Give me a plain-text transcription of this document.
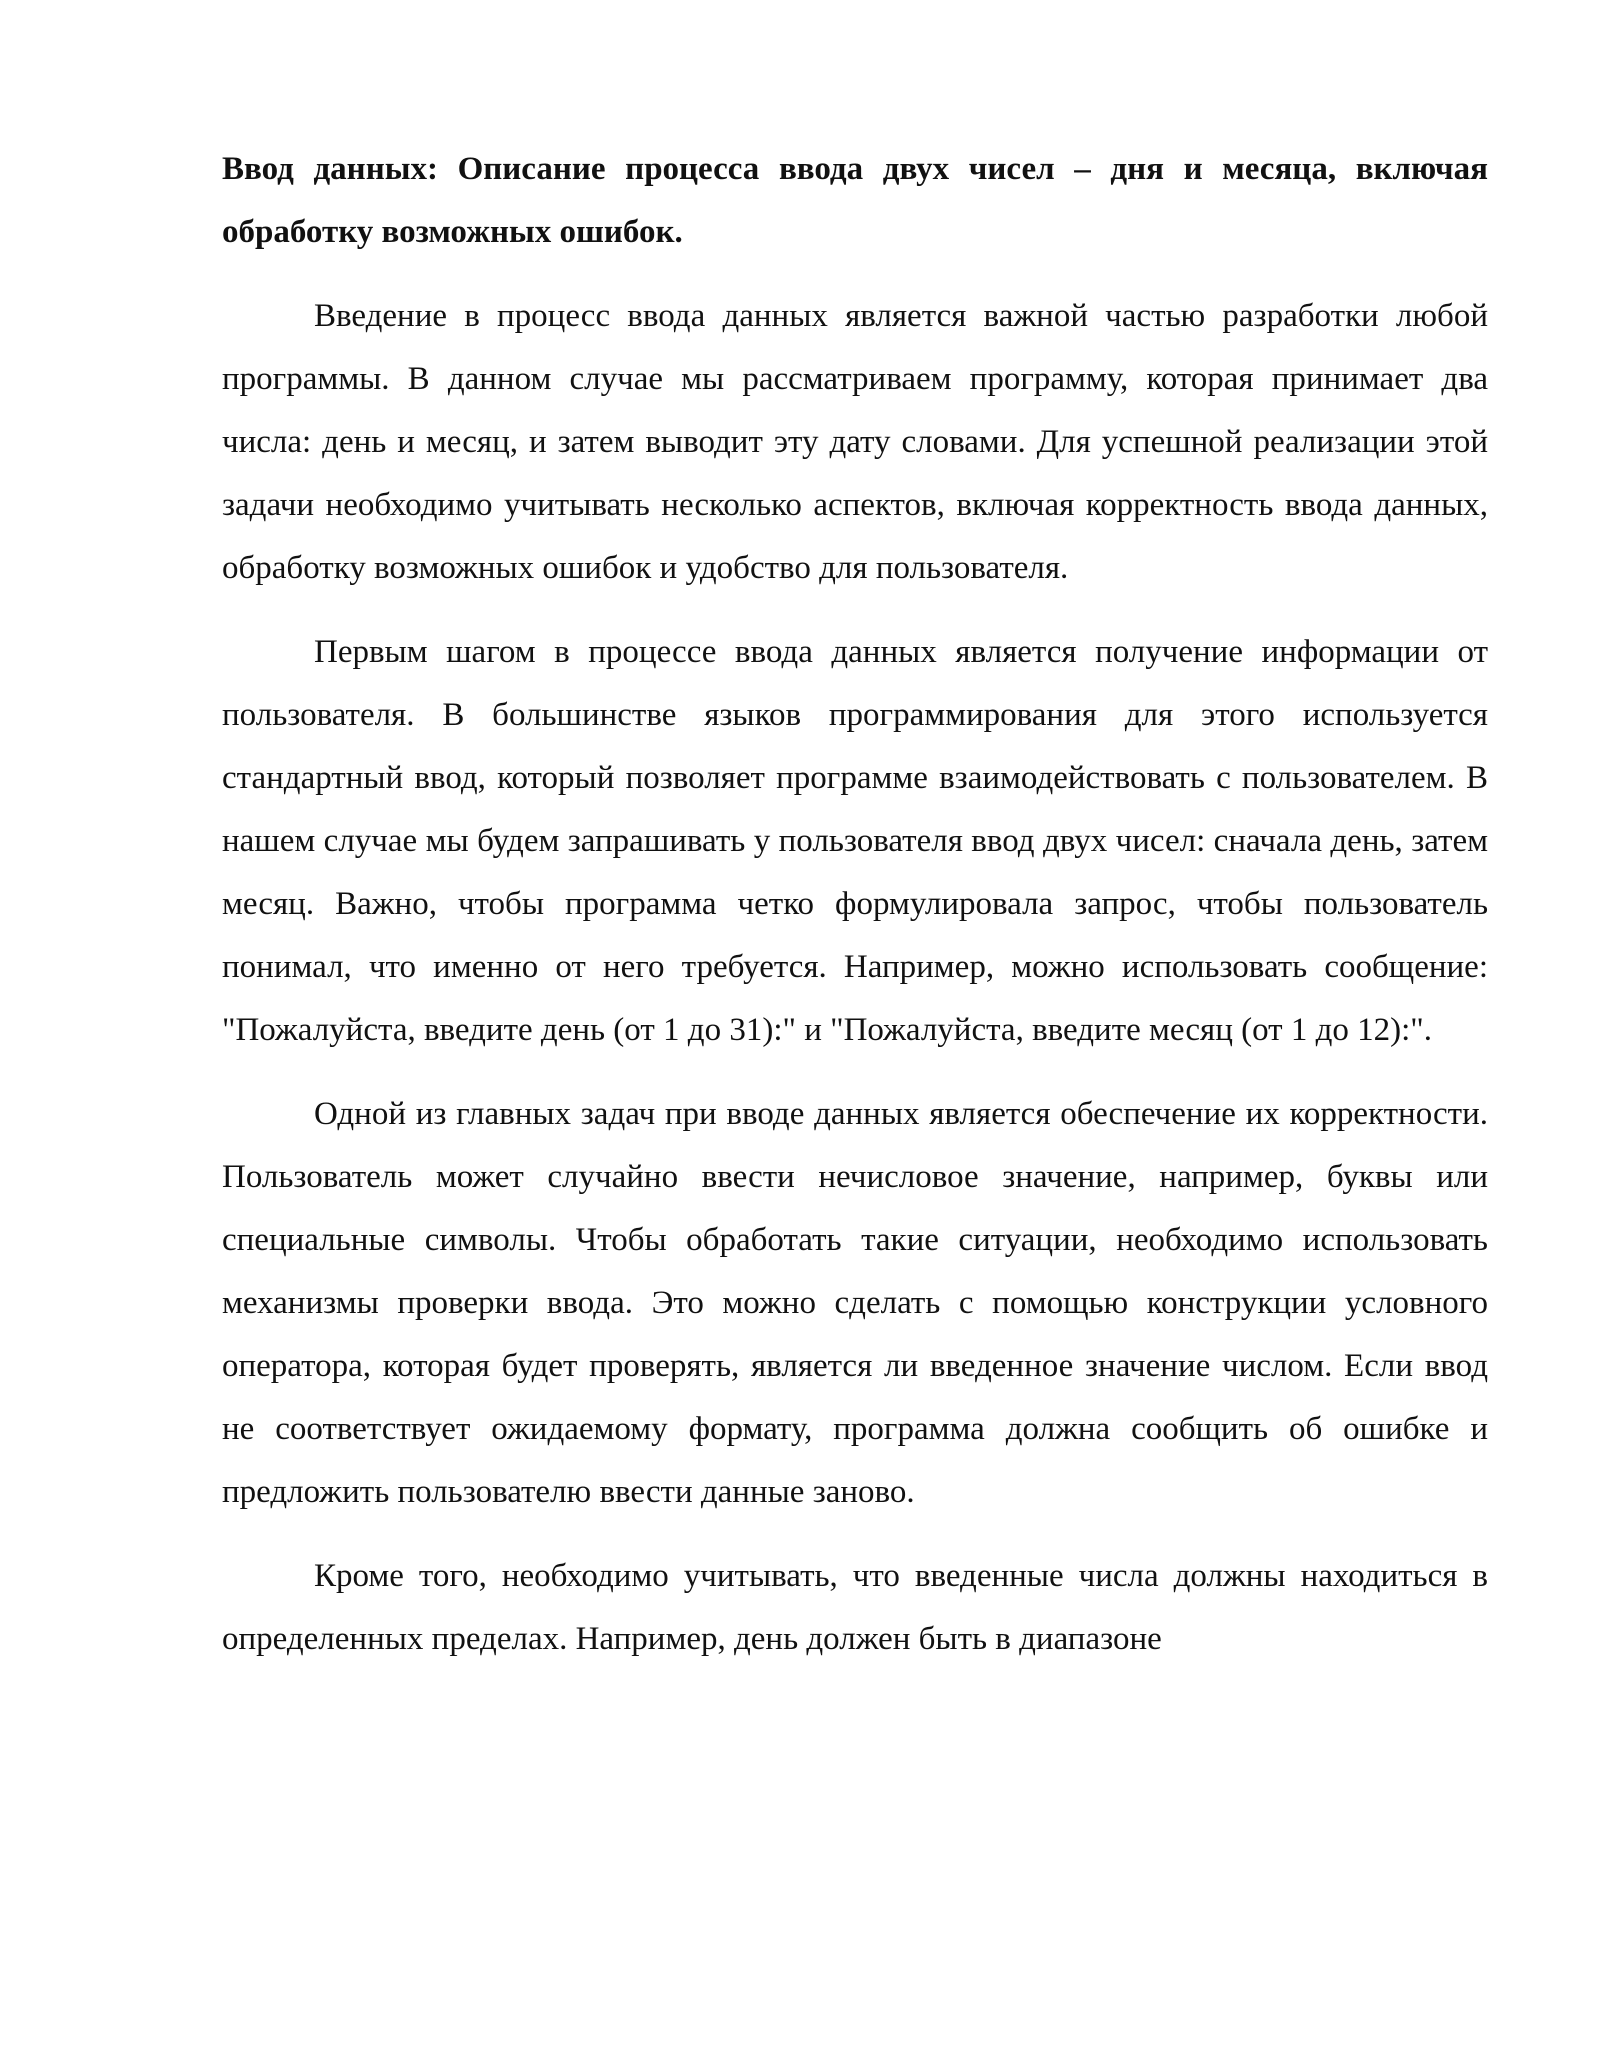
Ввод данных: Описание процесса ввода двух чисел – дня и месяца, включая обработку возможных ошибок.

Введение в процесс ввода данных является важной частью разработки любой программы. В данном случае мы рассматриваем программу, которая принимает два числа: день и месяц, и затем выводит эту дату словами. Для успешной реализации этой задачи необходимо учитывать несколько аспектов, включая корректность ввода данных, обработку возможных ошибок и удобство для пользователя.

Первым шагом в процессе ввода данных является получение информации от пользователя. В большинстве языков программирования для этого используется стандартный ввод, который позволяет программе взаимодействовать с пользователем. В нашем случае мы будем запрашивать у пользователя ввод двух чисел: сначала день, затем месяц. Важно, чтобы программа четко формулировала запрос, чтобы пользователь понимал, что именно от него требуется. Например, можно использовать сообщение: "Пожалуйста, введите день (от 1 до 31):" и "Пожалуйста, введите месяц (от 1 до 12):".

Одной из главных задач при вводе данных является обеспечение их корректности. Пользователь может случайно ввести нечисловое значение, например, буквы или специальные символы. Чтобы обработать такие ситуации, необходимо использовать механизмы проверки ввода. Это можно сделать с помощью конструкции условного оператора, которая будет проверять, является ли введенное значение числом. Если ввод не соответствует ожидаемому формату, программа должна сообщить об ошибке и предложить пользователю ввести данные заново.

Кроме того, необходимо учитывать, что введенные числа должны находиться в определенных пределах. Например, день должен быть в диапазоне
